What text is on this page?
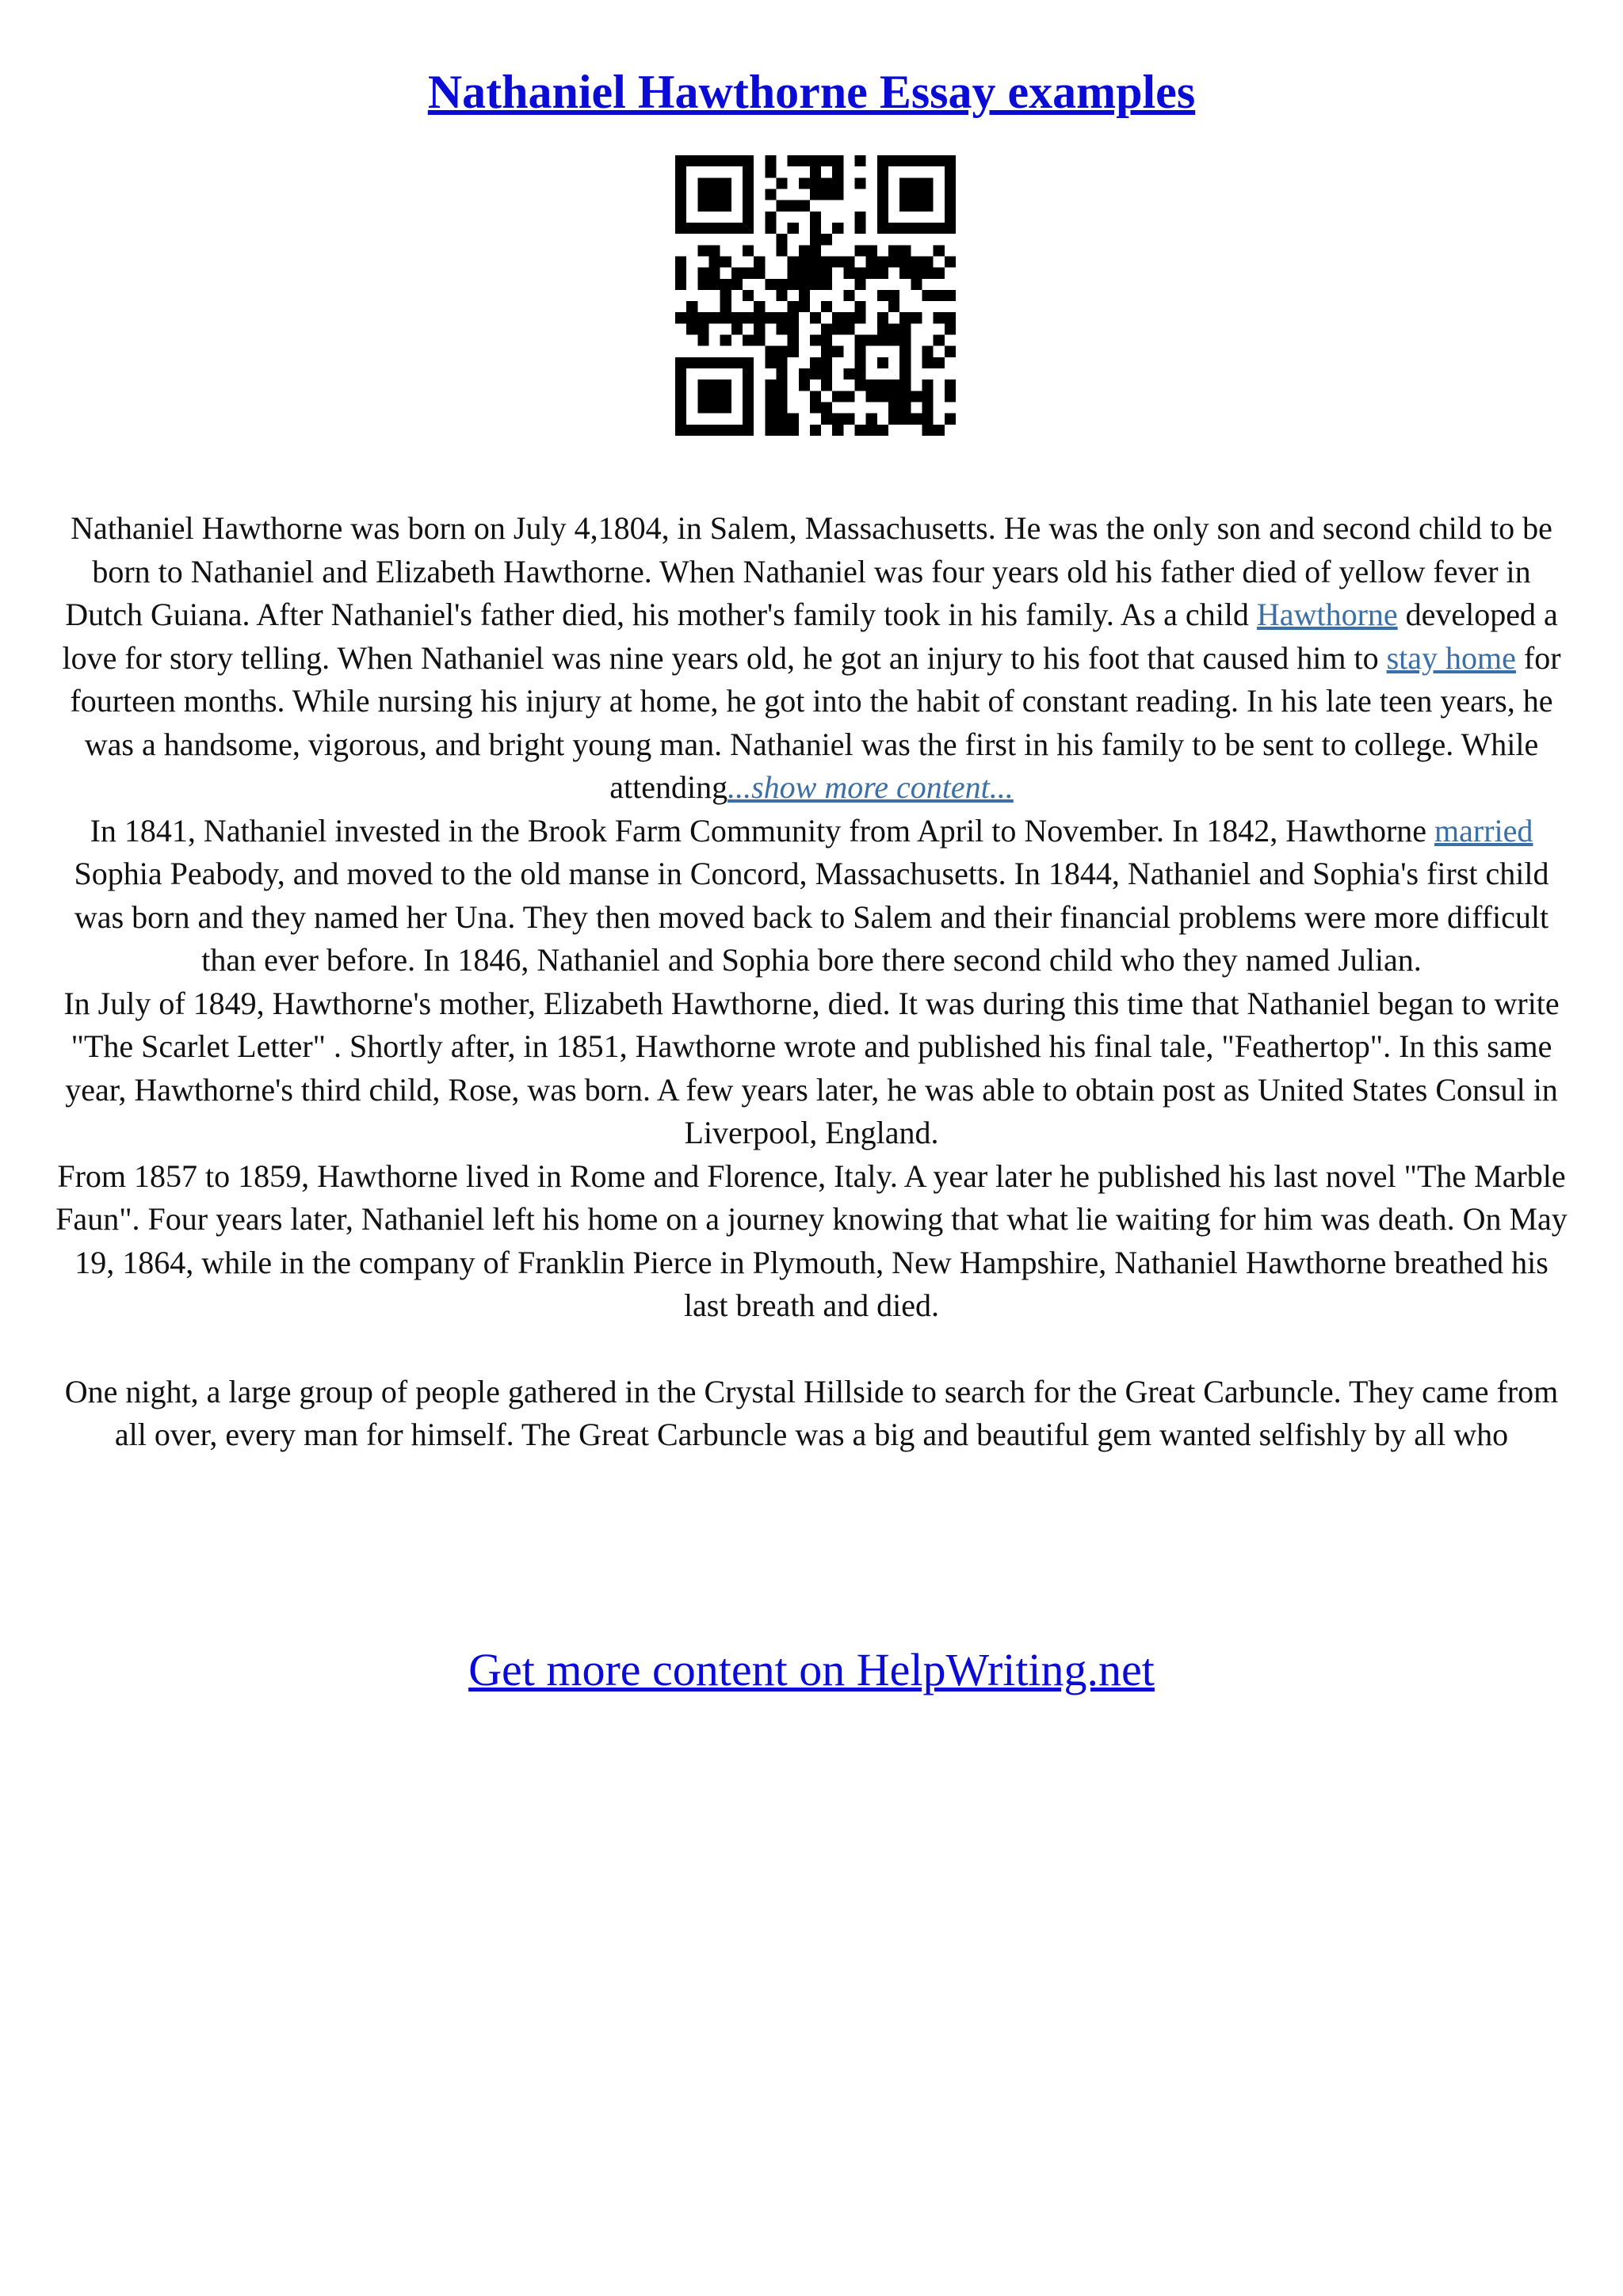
Nathaniel Hawthorne Essay examples

Nathaniel Hawthorne was born on July 4,1804, in Salem, Massachusetts. He was the only son and second child to be born to Nathaniel and Elizabeth Hawthorne. When Nathaniel was four years old his father died of yellow fever in Dutch Guiana. After Nathaniel's father died, his mother's family took in his family. As a child Hawthorne developed a love for story telling. When Nathaniel was nine years old, he got an injury to his foot that caused him to stay home for fourteen months. While nursing his injury at home, he got into the habit of constant reading. In his late teen years, he was a handsome, vigorous, and bright young man. Nathaniel was the first in his family to be sent to college. While attending...show more content...

In 1841, Nathaniel invested in the Brook Farm Community from April to November. In 1842, Hawthorne married Sophia Peabody, and moved to the old manse in Concord, Massachusetts. In 1844, Nathaniel and Sophia's first child was born and they named her Una. They then moved back to Salem and their financial problems were more difficult than ever before. In 1846, Nathaniel and Sophia bore there second child who they named Julian.

In July of 1849, Hawthorne's mother, Elizabeth Hawthorne, died. It was during this time that Nathaniel began to write "The Scarlet Letter" . Shortly after, in 1851, Hawthorne wrote and published his final tale, "Feathertop". In this same year, Hawthorne's third child, Rose, was born. A few years later, he was able to obtain post as United States Consul in Liverpool, England.

From 1857 to 1859, Hawthorne lived in Rome and Florence, Italy. A year later he published his last novel "The Marble Faun". Four years later, Nathaniel left his home on a journey knowing that what lie waiting for him was death. On May 19, 1864, while in the company of Franklin Pierce in Plymouth, New Hampshire, Nathaniel Hawthorne breathed his last breath and died.

One night, a large group of people gathered in the Crystal Hillside to search for the Great Carbuncle. They came from all over, every man for himself. The Great Carbuncle was a big and beautiful gem wanted selfishly by all who

Get more content on HelpWriting.net
